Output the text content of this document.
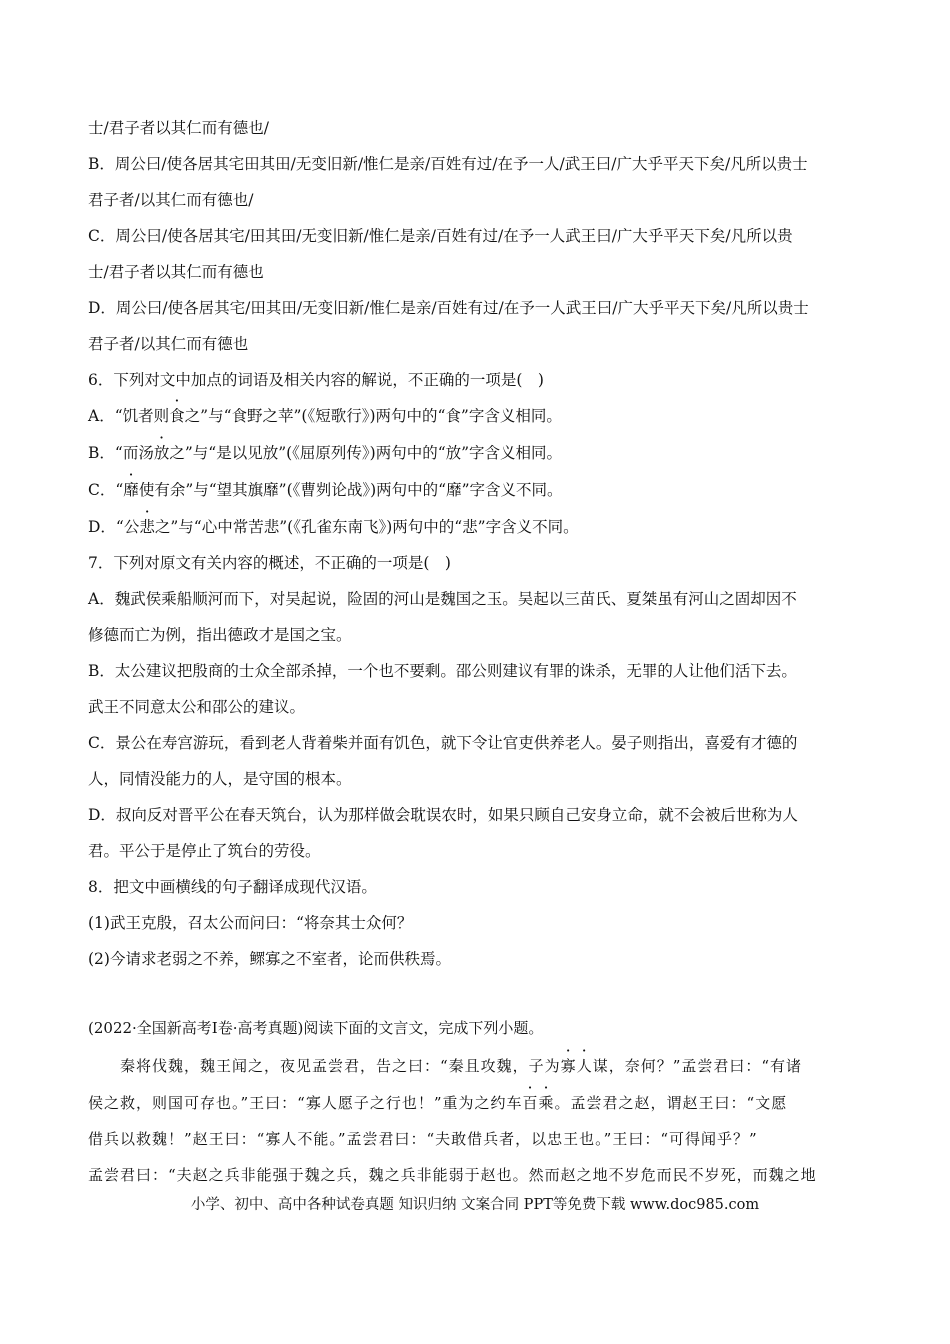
士/君子者以其仁而有德也/
B．周公曰/使各居其宅田其田/无变旧新/惟仁是亲/百姓有过/在予一人/武王曰/广大乎平天下矣/凡所以贵士
君子者/以其仁而有德也/
C．周公曰/使各居其宅/田其田/无变旧新/惟仁是亲/百姓有过/在予一人武王曰/广大乎平天下矣/凡所以贵
士/君子者以其仁而有德也
D．周公曰/使各居其宅/田其田/无变旧新/惟仁是亲/百姓有过/在予一人武王曰/广大乎平天下矣/凡所以贵士
君子者/以其仁而有德也
6．下列对文中加点的词语及相关内容的解说，不正确的一项是(　)
A．“饥者则食之”与“食野之苹”(《短歌行》)两句中的“食”字含义相同。
B．“而汤放之”与“是以见放”(《屈原列传》)两句中的“放”字含义相同。
C．“靡使有余”与“望其旗靡”(《曹刿论战》)两句中的“靡”字含义不同。
D．“公悲之”与“心中常苦悲”(《孔雀东南飞》)两句中的“悲”字含义不同。
7．下列对原文有关内容的概述，不正确的一项是(　)
A．魏武侯乘船顺河而下，对吴起说，险固的河山是魏国之玉。吴起以三苗氏、夏桀虽有河山之固却因不
修德而亡为例，指出德政才是国之宝。
B．太公建议把殷商的士众全部杀掉，一个也不要剩。邵公则建议有罪的诛杀，无罪的人让他们活下去。
武王不同意太公和邵公的建议。
C．景公在寿宫游玩，看到老人背着柴并面有饥色，就下令让官吏供养老人。晏子则指出，喜爱有才德的
人，同情没能力的人，是守国的根本。
D．叔向反对晋平公在春天筑台，认为那样做会耽误农时，如果只顾自己安身立命，就不会被后世称为人
君。平公于是停止了筑台的劳役。
8．把文中画横线的句子翻译成现代汉语。
(1)武王克殷，召太公而问曰：“将奈其士众何？
(2)今请求老弱之不养，鳏寡之不室者，论而供秩焉。
(2022·全国新高考Ⅰ卷·高考真题)阅读下面的文言文，完成下列小题。
　　秦将伐魏，魏王闻之，夜见孟尝君，告之曰：“秦且攻魏，子为寡人谋，奈何？”孟尝君曰：“有诸
侯之救，则国可存也。”王曰：“寡人愿子之行也！”重为之约车百乘。孟尝君之赵，谓赵王曰：“文愿
借兵以救魏！”赵王曰：“寡人不能。”孟尝君曰：“夫敢借兵者，以忠王也。”王曰：“可得闻乎？”
孟尝君曰：“夫赵之兵非能强于魏之兵，魏之兵非能弱于赵也。然而赵之地不岁危而民不岁死，而魏之地
小学、初中、高中各种试卷真题 知识归纳 文案合同 PPT等免费下载 www.doc985.com
